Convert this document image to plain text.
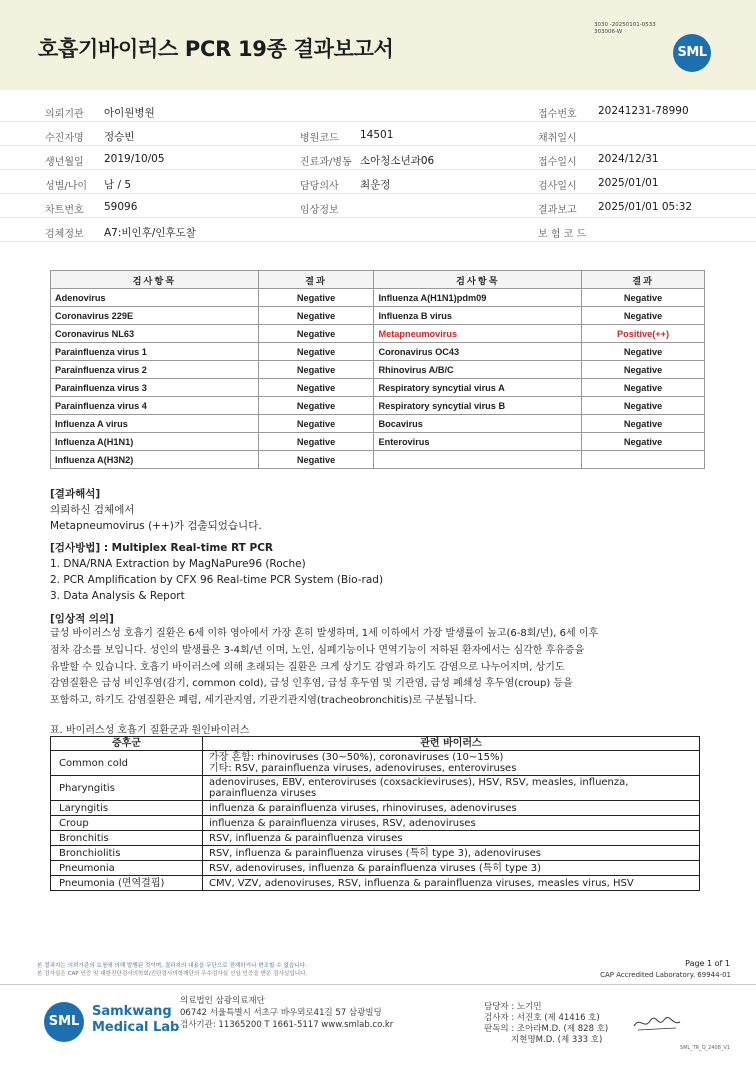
호흡기바이러스 PCR 19종 결과보고서
3030 -20250101-0533
303006-W
SML
의뢰기관 아이원병원	접수번호 20241231-78990
수진자명 정승빈	병원코드 14501	채취일시
생년월일 2019/10/05	진료과/병동 소아청소년과06	접수일시 2024/12/31
성별/나이 남 / 5	담당의사 최운정	검사일시 2025/01/01
차트번호 59096	임상정보	결과보고 2025/01/01 05:32
검체정보 A7:비인후/인후도찰	보 험 코 드
검사항목	결과	검사항목	결과
Adenovirus	Negative	Influenza A(H1N1)pdm09	Negative
Coronavirus 229E	Negative	Influenza B virus	Negative
Coronavirus NL63	Negative	Metapneumovirus	Positive(++)
Parainfluenza virus 1	Negative	Coronavirus OC43	Negative
Parainfluenza virus 2	Negative	Rhinovirus A/B/C	Negative
Parainfluenza virus 3	Negative	Respiratory syncytial virus A	Negative
Parainfluenza virus 4	Negative	Respiratory syncytial virus B	Negative
Influenza A virus	Negative	Bocavirus	Negative
Influenza A(H1N1)	Negative	Enterovirus	Negative
Influenza A(H3N2)	Negative		
[결과해석]
의뢰하신 검체에서
Metapneumovirus (++)가 검출되었습니다.
[검사방법] : Multiplex Real-time RT PCR
1. DNA/RNA Extraction by MagNaPure96 (Roche)
2. PCR Amplification by CFX 96 Real-time PCR System (Bio-rad)
3. Data Analysis & Report
[임상적 의의]
급성 바이러스성 호흡기 질환은 6세 이하 영아에서 가장 흔히 발생하며, 1세 이하에서 가장 발생률이 높고(6-8회/년), 6세 이후
점차 감소를 보입니다. 성인의 발생률은 3-4회/년 이며, 노인, 심폐기능이나 면역기능이 저하된 환자에서는 심각한 후유증을
유발할 수 있습니다. 호흡기 바이러스에 의해 초래되는 질환은 크게 상기도 감염과 하기도 감염으로 나누어지며, 상기도
감염질환은 급성 비인후염(감기, common cold), 급성 인후염, 급성 후두염 및 기관염, 급성 폐쇄성 후두염(croup) 등을
포함하고, 하기도 감염질환은 폐렴, 세기관지염, 기관기관지염(tracheobronchitis)로 구분됩니다.
표. 바이러스성 호흡기 질환군과 원인바이러스
증후군	관련 바이러스
Common cold	가장 흔함: rhinoviruses (30~50%), coronaviruses (10~15%)
기타: RSV, parainfluenza viruses, adenoviruses, enteroviruses

Pharyngitis	adenoviruses, EBV, enteroviruses (coxsackieviruses), HSV, RSV, measles, influenza,
parainfluenza viruses

Laryngitis	influenza & parainfluenza viruses, rhinoviruses, adenoviruses

Croup	influenza & parainfluenza viruses, RSV, adenoviruses

Bronchitis	RSV, influenza & parainfluenza viruses

Bronchiolitis	RSV, influenza & parainfluenza viruses (특히 type 3), adenoviruses

Pneumonia	RSV, adenoviruses, influenza & parainfluenza viruses (특히 type 3)

Pneumonia (면역결핍)	CMV, VZV, adenoviruses, RSV, influenza & parainfluenza viruses, measles virus, HSV
Page 1 of 1
CAP Accredited Laboratory. 69944-01
본 결과지는 의뢰기관의 요청에 의해 발행된 것이며, 결과지의 내용을 무단으로 전재하거나 변조할 수 없습니다.
본 검사실은 CAP 인증 및 대한진단검사의학회/진단검사의학재단의 우수검사실 신임 인증을 받은 검사실입니다.
SML
Samkwang
Medical Lab
의료법인 삼광의료재단
06742 서울특별시 서초구 바우뫼로41길 57 삼광빌딩
검사기관: 11365200 T 1661-5117 www.smlab.co.kr
담당자 : 노기민
검사자 : 서진호 (제 41416 호)
판독의 : 조아라M.D. (제 828 호)
지현명M.D. (제 333 호)
SML_TR_Q_2408_V1
